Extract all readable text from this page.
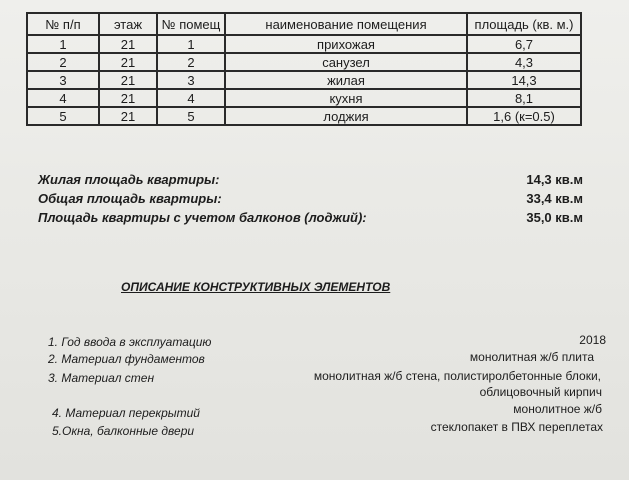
№ п/п	этаж	№ помещ	наименование помещения	площадь (кв. м.)
1	21	1	прихожая	6,7
2	21	2	санузел	4,3
3	21	3	жилая	14,3
4	21	4	кухня	8,1
5	21	5	лоджия	1,6 (к=0.5)
Жилая площадь квартиры:	14,3 кв.м
Общая площадь квартиры:	33,4 кв.м
Площадь квартиры с учетом балконов (лоджий):	35,0 кв.м
ОПИСАНИЕ КОНСТРУКТИВНЫХ ЭЛЕМЕНТОВ
1. Год ввода в эксплуатацию	2018
2. Материал фундаментов	монолитная ж/б плита
3. Материал стен	монолитная ж/б стена, полистиролбетонные блоки,
облицовочный кирпич
4. Материал перекрытий	монолитное ж/б
5.Окна, балконные двери	стеклопакет в ПВХ переплетах
